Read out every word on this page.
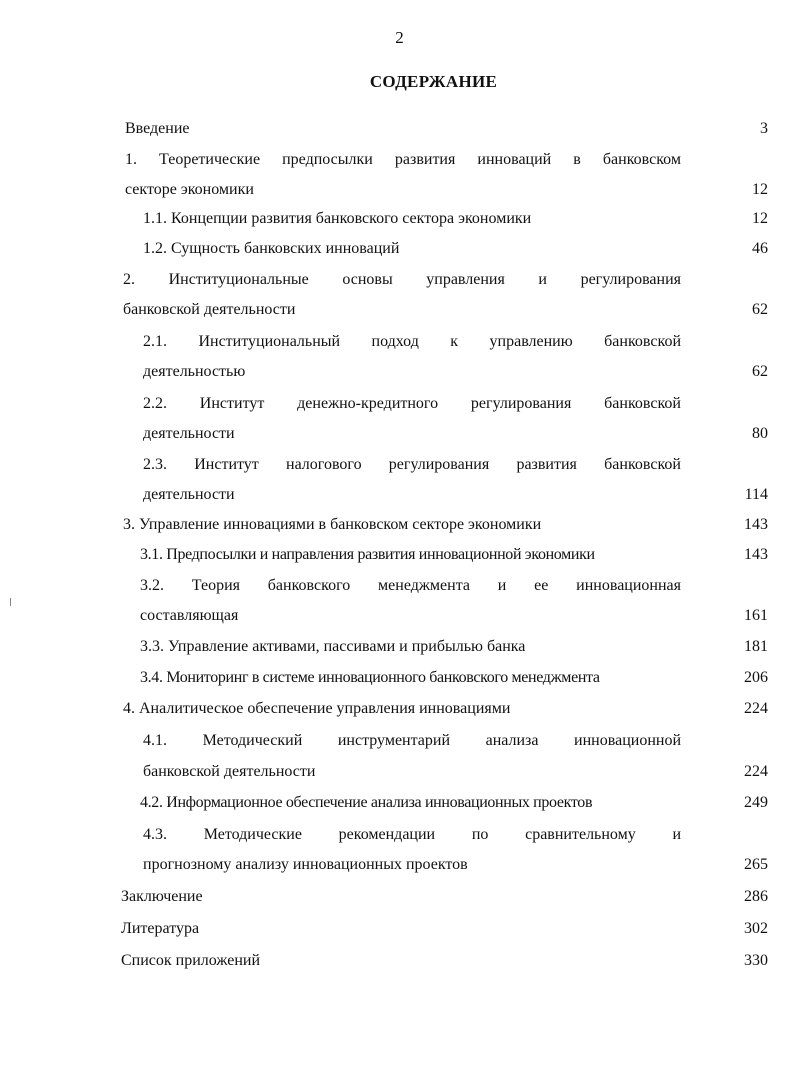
2
СОДЕРЖАНИЕ
Введение	3
1. Теоретические предпосылки развития инноваций в банковском
секторе экономики	12
1.1. Концепции развития банковского сектора экономики	12
1.2. Сущность банковских инноваций	46
2. Институциональные основы управления и регулирования
банковской деятельности	62
2.1. Институциональный подход к управлению банковской
деятельностью	62
2.2. Институт денежно-кредитного регулирования банковской
деятельности	80
2.3. Институт налогового регулирования развития банковской
деятельности	114
3. Управление инновациями в банковском секторе экономики	143
3.1. Предпосылки и направления развития инновационной экономики	143
3.2. Теория банковского менеджмента и ее инновационная
составляющая	161
3.3. Управление активами, пассивами и прибылью банка	181
3.4. Мониторинг в системе инновационного банковского менеджмента	206
4. Аналитическое обеспечение управления инновациями	224
4.1. Методический инструментарий анализа инновационной
банковской деятельности	224
4.2. Информационное обеспечение анализа инновационных проектов	249
4.3. Методические рекомендации по сравнительному и
прогнозному анализу инновационных проектов	265
Заключение	286
Литература	302
Список приложений	330
